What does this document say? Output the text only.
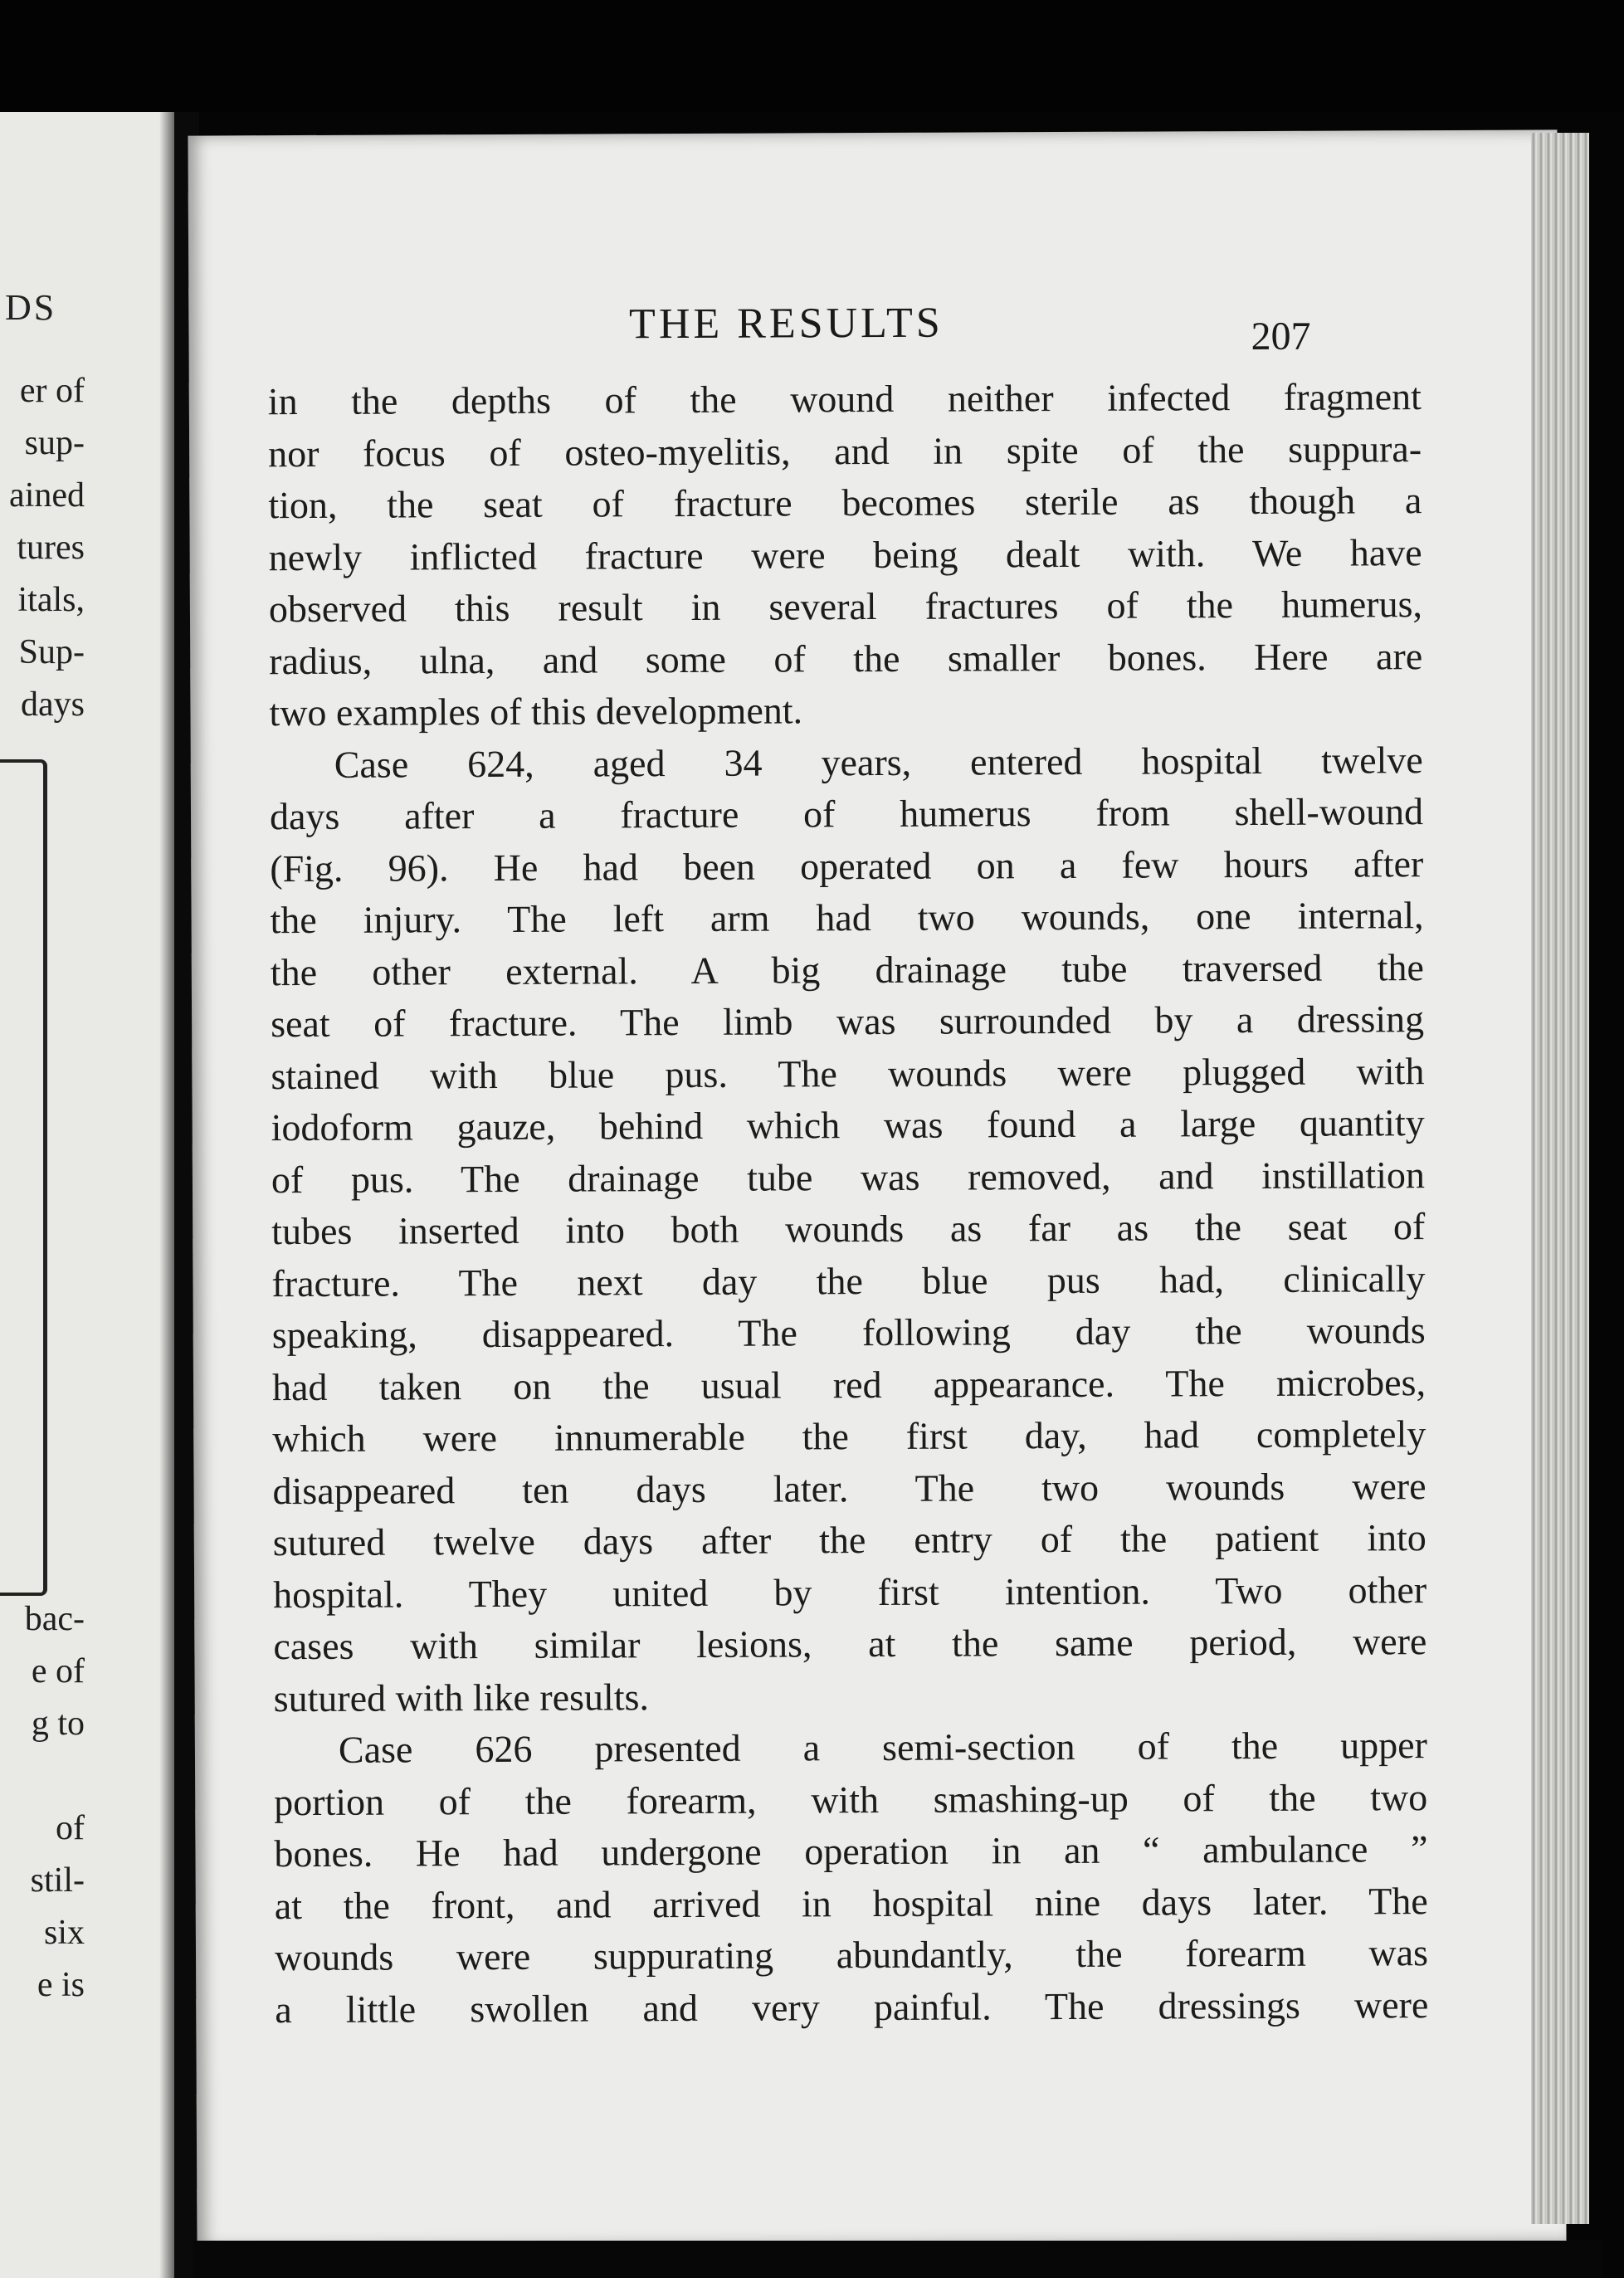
DS
er of
sup-
ained
tures
itals,
Sup-
days
bac-
e of
g to

of
stil-
six
e is
THE RESULTS	207
in the depths of the wound neither infected fragment
nor focus of osteo-myelitis, and in spite of the suppura-
tion, the seat of fracture becomes sterile as though a
newly inflicted fracture were being dealt with. We have
observed this result in several fractures of the humerus,
radius, ulna, and some of the smaller bones. Here are
two examples of this development.
Case 624, aged 34 years, entered hospital twelve
days after a fracture of humerus from shell-wound
(Fig. 96). He had been operated on a few hours after
the injury. The left arm had two wounds, one internal,
the other external. A big drainage tube traversed the
seat of fracture. The limb was surrounded by a dressing
stained with blue pus. The wounds were plugged with
iodoform gauze, behind which was found a large quantity
of pus. The drainage tube was removed, and instillation
tubes inserted into both wounds as far as the seat of
fracture. The next day the blue pus had, clinically
speaking, disappeared. The following day the wounds
had taken on the usual red appearance. The microbes,
which were innumerable the first day, had completely
disappeared ten days later. The two wounds were
sutured twelve days after the entry of the patient into
hospital. They united by first intention. Two other
cases with similar lesions, at the same period, were
sutured with like results.
Case 626 presented a semi-section of the upper
portion of the forearm, with smashing-up of the two
bones. He had undergone operation in an “ ambulance ”
at the front, and arrived in hospital nine days later. The
wounds were suppurating abundantly, the forearm was
a little swollen and very painful. The dressings were
